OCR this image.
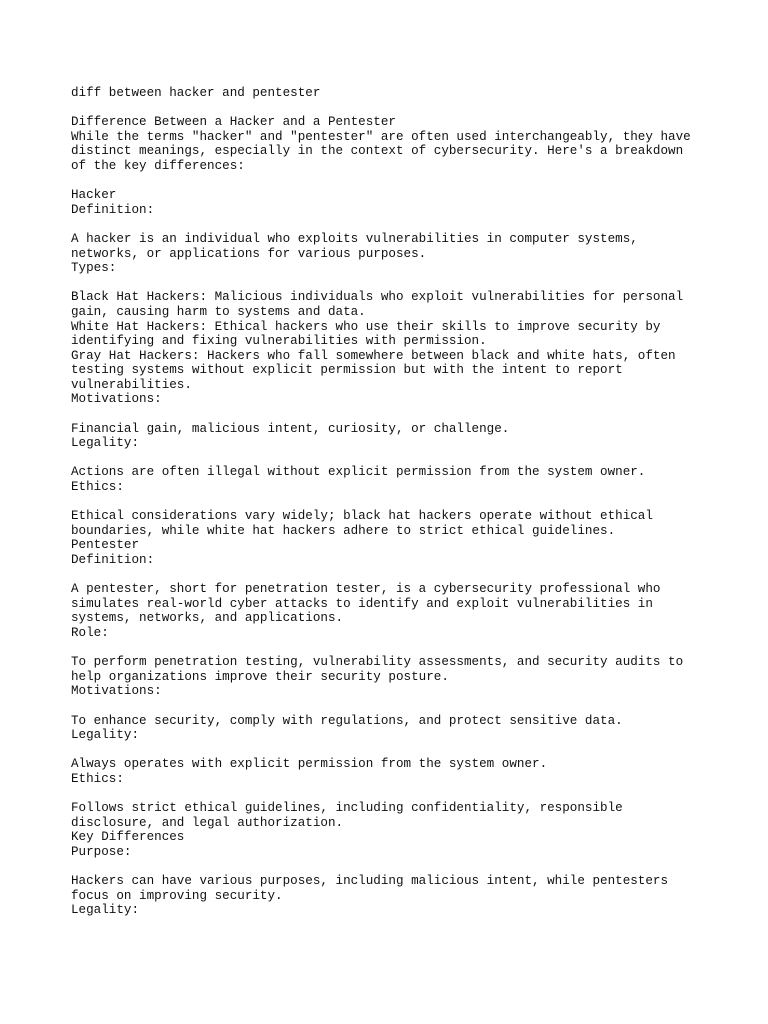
diff between hacker and pentester
Difference Between a Hacker and a Pentester
While the terms "hacker" and "pentester" are often used interchangeably, they have
distinct meanings, especially in the context of cybersecurity. Here's a breakdown
of the key differences:
Hacker
Definition:
A hacker is an individual who exploits vulnerabilities in computer systems,
networks, or applications for various purposes.
Types:
Black Hat Hackers: Malicious individuals who exploit vulnerabilities for personal
gain, causing harm to systems and data.
White Hat Hackers: Ethical hackers who use their skills to improve security by
identifying and fixing vulnerabilities with permission.
Gray Hat Hackers: Hackers who fall somewhere between black and white hats, often
testing systems without explicit permission but with the intent to report
vulnerabilities.
Motivations:
Financial gain, malicious intent, curiosity, or challenge.
Legality:
Actions are often illegal without explicit permission from the system owner.
Ethics:
Ethical considerations vary widely; black hat hackers operate without ethical
boundaries, while white hat hackers adhere to strict ethical guidelines.
Pentester
Definition:
A pentester, short for penetration tester, is a cybersecurity professional who
simulates real-world cyber attacks to identify and exploit vulnerabilities in
systems, networks, and applications.
Role:
To perform penetration testing, vulnerability assessments, and security audits to
help organizations improve their security posture.
Motivations:
To enhance security, comply with regulations, and protect sensitive data.
Legality:
Always operates with explicit permission from the system owner.
Ethics:
Follows strict ethical guidelines, including confidentiality, responsible
disclosure, and legal authorization.
Key Differences
Purpose:
Hackers can have various purposes, including malicious intent, while pentesters
focus on improving security.
Legality:
